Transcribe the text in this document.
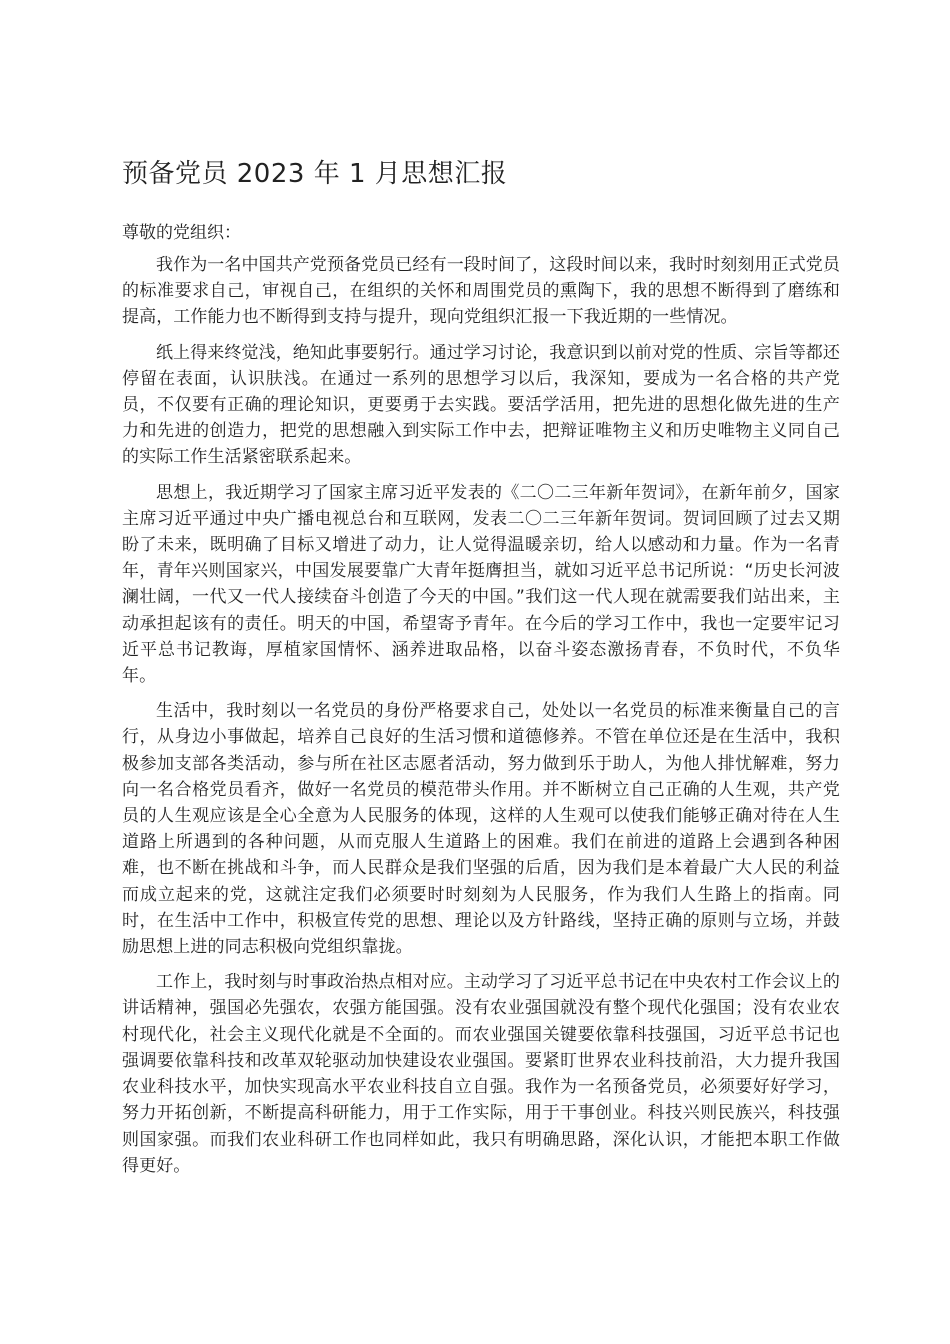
预备党员 2023 年 1 月思想汇报

尊敬的党组织：

我作为一名中国共产党预备党员已经有一段时间了，这段时间以来，我时时刻刻用正式党员的标准要求自己，审视自己，在组织的关怀和周围党员的熏陶下，我的思想不断得到了磨练和提高，工作能力也不断得到支持与提升，现向党组织汇报一下我近期的一些情况。

纸上得来终觉浅，绝知此事要躬行。通过学习讨论，我意识到以前对党的性质、宗旨等都还停留在表面，认识肤浅。在通过一系列的思想学习以后，我深知，要成为一名合格的共产党员，不仅要有正确的理论知识，更要勇于去实践。要活学活用，把先进的思想化做先进的生产力和先进的创造力，把党的思想融入到实际工作中去，把辩证唯物主义和历史唯物主义同自己的实际工作生活紧密联系起来。

思想上，我近期学习了国家主席习近平发表的《二〇二三年新年贺词》，在新年前夕，国家主席习近平通过中央广播电视总台和互联网，发表二〇二三年新年贺词。贺词回顾了过去又期盼了未来，既明确了目标又增进了动力，让人觉得温暖亲切，给人以感动和力量。作为一名青年，青年兴则国家兴，中国发展要靠广大青年挺膺担当，就如习近平总书记所说：“历史长河波澜壮阔，一代又一代人接续奋斗创造了今天的中国。”我们这一代人现在就需要我们站出来，主动承担起该有的责任。明天的中国，希望寄予青年。在今后的学习工作中，我也一定要牢记习近平总书记教诲，厚植家国情怀、涵养进取品格，以奋斗姿态激扬青春，不负时代，不负华年。

生活中，我时刻以一名党员的身份严格要求自己，处处以一名党员的标准来衡量自己的言行，从身边小事做起，培养自己良好的生活习惯和道德修养。不管在单位还是在生活中，我积极参加支部各类活动，参与所在社区志愿者活动，努力做到乐于助人，为他人排忧解难，努力向一名合格党员看齐，做好一名党员的模范带头作用。并不断树立自己正确的人生观，共产党员的人生观应该是全心全意为人民服务的体现，这样的人生观可以使我们能够正确对待在人生道路上所遇到的各种问题，从而克服人生道路上的困难。我们在前进的道路上会遇到各种困难，也不断在挑战和斗争，而人民群众是我们坚强的后盾，因为我们是本着最广大人民的利益而成立起来的党，这就注定我们必须要时时刻刻为人民服务，作为我们人生路上的指南。同时，在生活中工作中，积极宣传党的思想、理论以及方针路线，坚持正确的原则与立场，并鼓励思想上进的同志积极向党组织靠拢。

工作上，我时刻与时事政治热点相对应。主动学习了习近平总书记在中央农村工作会议上的讲话精神，强国必先强农，农强方能国强。没有农业强国就没有整个现代化强国；没有农业农村现代化，社会主义现代化就是不全面的。而农业强国关键要依靠科技强国，习近平总书记也强调要依靠科技和改革双轮驱动加快建设农业强国。要紧盯世界农业科技前沿，大力提升我国农业科技水平，加快实现高水平农业科技自立自强。我作为一名预备党员，必须要好好学习，努力开拓创新，不断提高科研能力，用于工作实际，用于干事创业。科技兴则民族兴，科技强则国家强。而我们农业科研工作也同样如此，我只有明确思路，深化认识，才能把本职工作做得更好。
